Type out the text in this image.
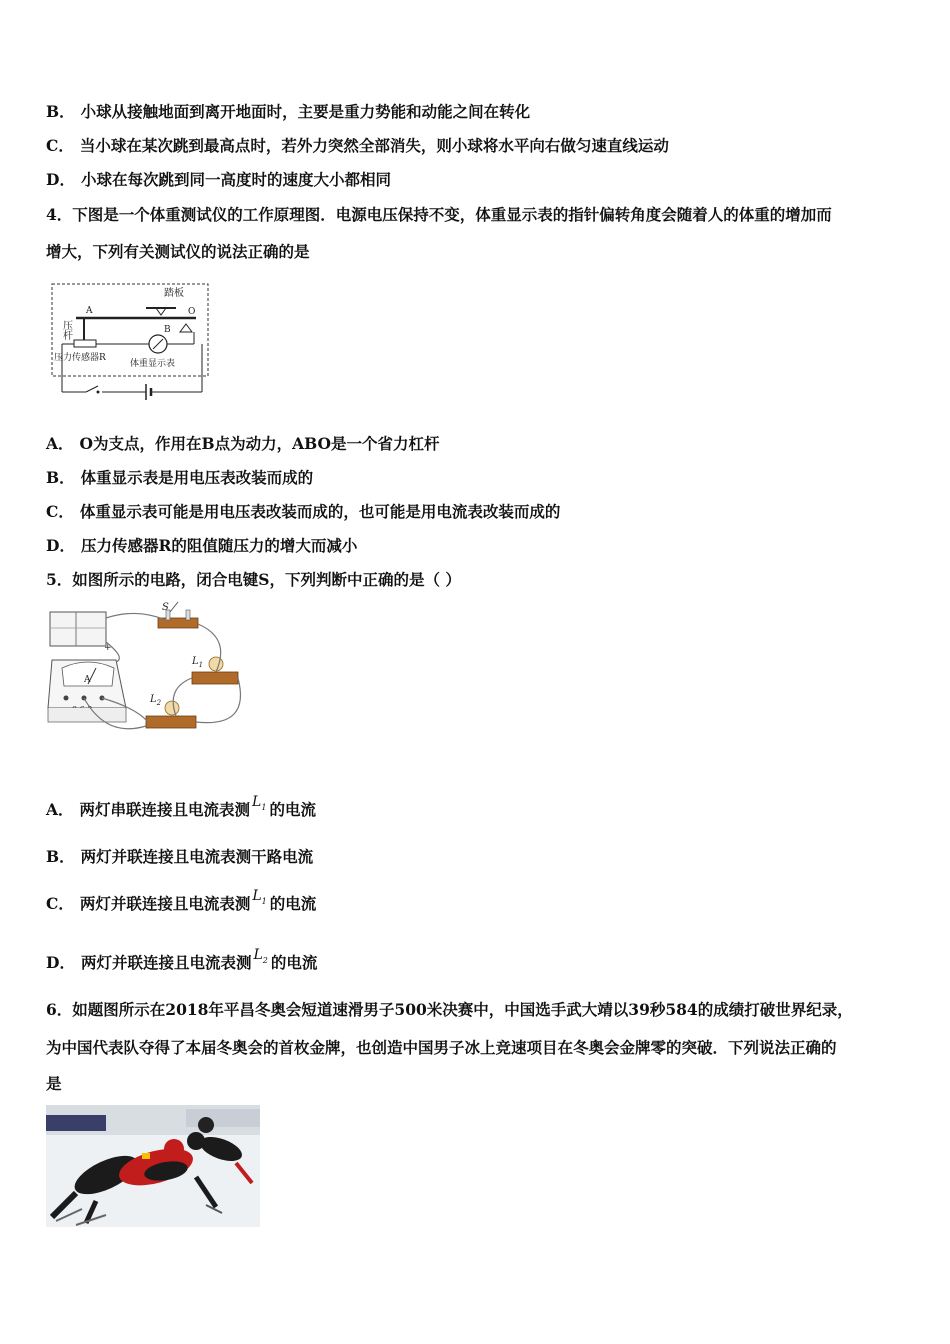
B． 小球从接触地面到离开地面时，主要是重力势能和动能之间在转化
C． 当小球在某次跳到最高点时，若外力突然全部消失，则小球将水平向右做匀速直线运动
D． 小球在每次跳到同一高度时的速度大小都相同
4．下图是一个体重测试仪的工作原理图．电源电压保持不变，体重显示表的指针偏转角度会随着人的体重的增加而
增大，下列有关测试仪的说法正确的是
踏板
O
B
A
压杆
压力传感器R
体重显示表
A． O为支点，作用在B点为动力，ABO是一个省力杠杆
B． 体重显示表是用电压表改装而成的
C． 体重显示表可能是用电压表改装而成的，也可能是用电流表改装而成的
D． 压力传感器R的阻值随压力的增大而减小
5．如图所示的电路，闭合电键S，下列判断中正确的是（ ）
+
A
S
$L_1$
$L_2$
A． 两灯串联连接且电流表测 $L_1$ 的电流
B． 两灯并联连接且电流表测干路电流
C． 两灯并联连接且电流表测 $L_1$ 的电流
D． 两灯并联连接且电流表测 $L_2$ 的电流
6．如题图所示在2018年平昌冬奥会短道速滑男子500米决赛中，中国选手武大靖以39秒584的成绩打破世界纪录，
为中国代表队夺得了本届冬奥会的首枚金牌，也创造中国男子冰上竞速项目在冬奥会金牌零的突破．下列说法正确的
是
